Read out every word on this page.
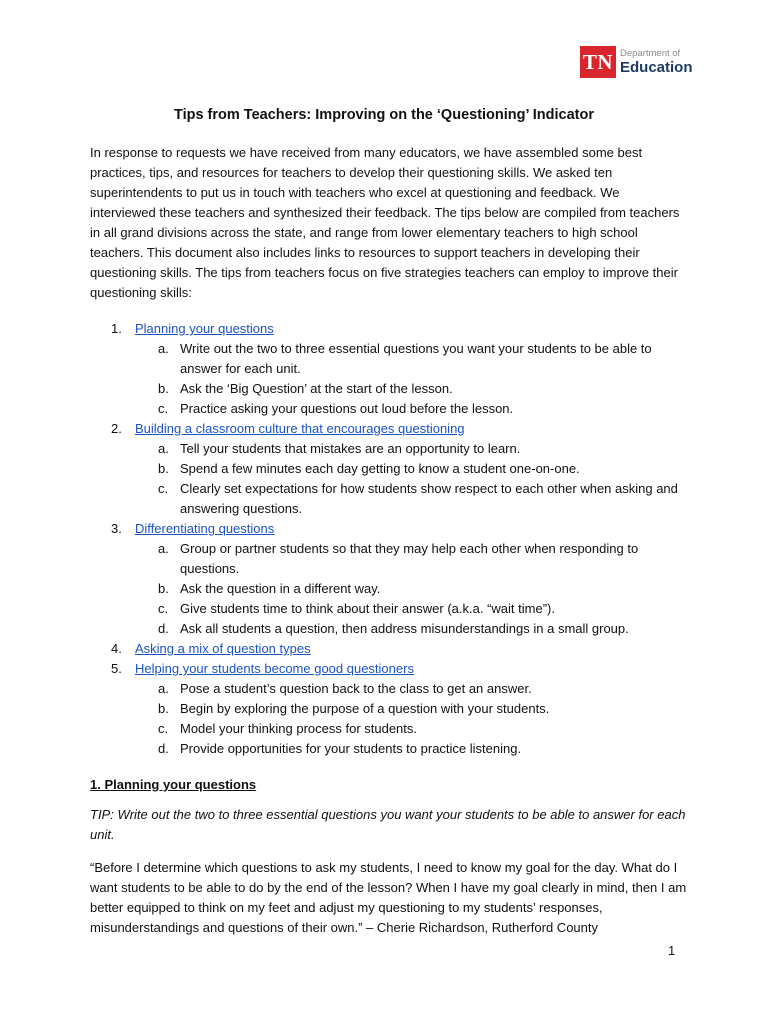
TN Department of
Education
Tips from Teachers: Improving on the ‘Questioning’ Indicator

In response to requests we have received from many educators, we have assembled some best practices, tips, and resources for teachers to develop their questioning skills. We asked ten superintendents to put us in touch with teachers who excel at questioning and feedback. We interviewed these teachers and synthesized their feedback. The tips below are compiled from teachers in all grand divisions across the state, and range from lower elementary teachers to high school teachers. This document also includes links to resources to support teachers in developing their questioning skills. The tips from teachers focus on five strategies teachers can employ to improve their questioning skills:

1. Planning your questions
a. Write out the two to three essential questions you want your students to be able to answer for each unit.
b. Ask the ‘Big Question’ at the start of the lesson.
c. Practice asking your questions out loud before the lesson.
2. Building a classroom culture that encourages questioning
a. Tell your students that mistakes are an opportunity to learn.
b. Spend a few minutes each day getting to know a student one-on-one.
c. Clearly set expectations for how students show respect to each other when asking and answering questions.
3. Differentiating questions
a. Group or partner students so that they may help each other when responding to questions.
b. Ask the question in a different way.
c. Give students time to think about their answer (a.k.a. “wait time”).
d. Ask all students a question, then address misunderstandings in a small group.
4. Asking a mix of question types
5. Helping your students become good questioners
a. Pose a student’s question back to the class to get an answer.
b. Begin by exploring the purpose of a question with your students.
c. Model your thinking process for students.
d. Provide opportunities for your students to practice listening.

1. Planning your questions

TIP: Write out the two to three essential questions you want your students to be able to answer for each unit.

“Before I determine which questions to ask my students, I need to know my goal for the day. What do I want students to be able to do by the end of the lesson? When I have my goal clearly in mind, then I am better equipped to think on my feet and adjust my questioning to my students’ responses, misunderstandings and questions of their own.” – Cherie Richardson, Rutherford County

1
